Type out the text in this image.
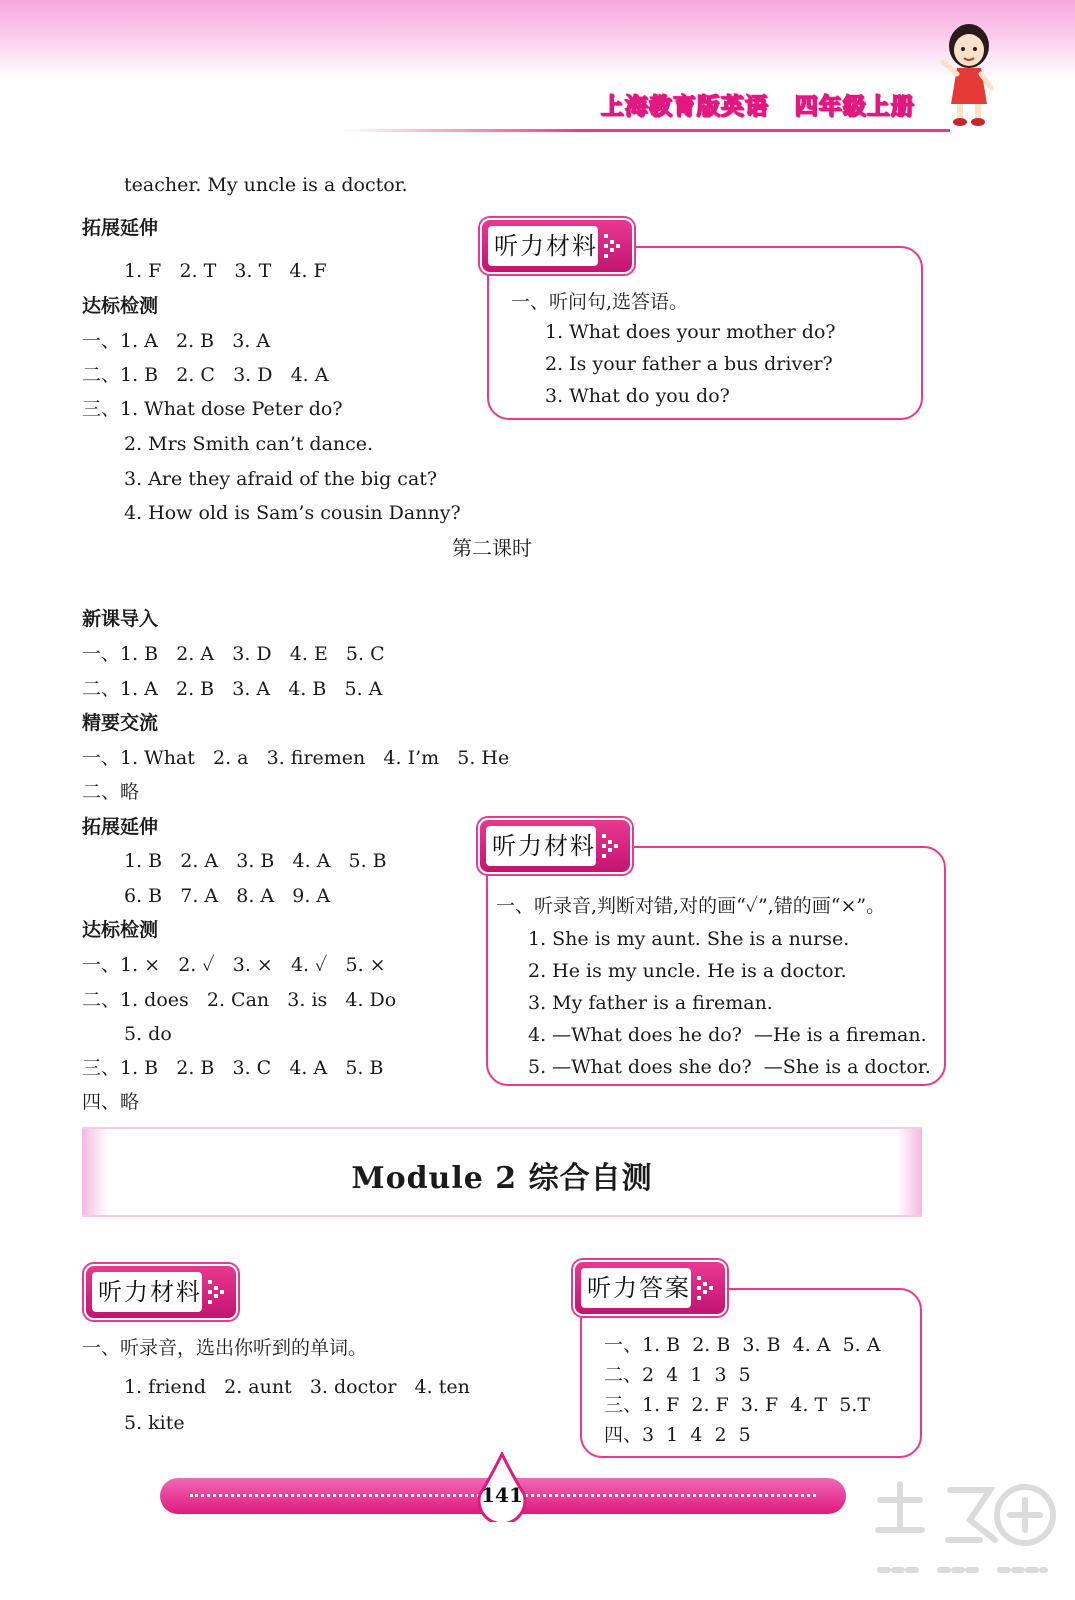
上海教育版英语 四年级上册
teacher. My uncle is a doctor.
拓展延伸
1. F   2. T   3. T   4. F
达标检测
一、1. A   2. B   3. A
二、1. B   2. C   3. D   4. A
三、1. What dose Peter do?
2. Mrs Smith can’t dance.
3. Are they afraid of the big cat?
4. How old is Sam’s cousin Danny?
第二课时
新课导入
一、1. B   2. A   3. D   4. E   5. C
二、1. A   2. B   3. A   4. B   5. A
精要交流
一、1. What   2. a   3. firemen   4. I’m   5. He
二、略
拓展延伸
1. B   2. A   3. B   4. A   5. B
6. B   7. A   8. A   9. A
达标检测
一、1. ×   2. ✓   3. ×   4. ✓   5. ×
二、1. does   2. Can   3. is   4. Do
5. do
三、1. B   2. B   3. C   4. A   5. B
四、略
一、听问句,选答语。
1. What does your mother do?
2. Is your father a bus driver?
3. What do you do?
听力材料
一、听录音,判断对错,对的画“✓”,错的画“×”。
1. She is my aunt. She is a nurse.
2. He is my uncle. He is a doctor.
3. My father is a fireman.
4. —What does he do?  —He is a fireman.
5. —What does she do?  —She is a doctor.
听力材料
Module 2 综合自测
听力材料
一、听录音，选出你听到的单词。
1. friend   2. aunt   3. doctor   4. ten
5. kite
一、1. B  2. B  3. B  4. A  5. A
二、2  4  1  3  5
三、1. F  2. F  3. F  4. T  5.T
四、3  1  4  2  5
听力答案
141
